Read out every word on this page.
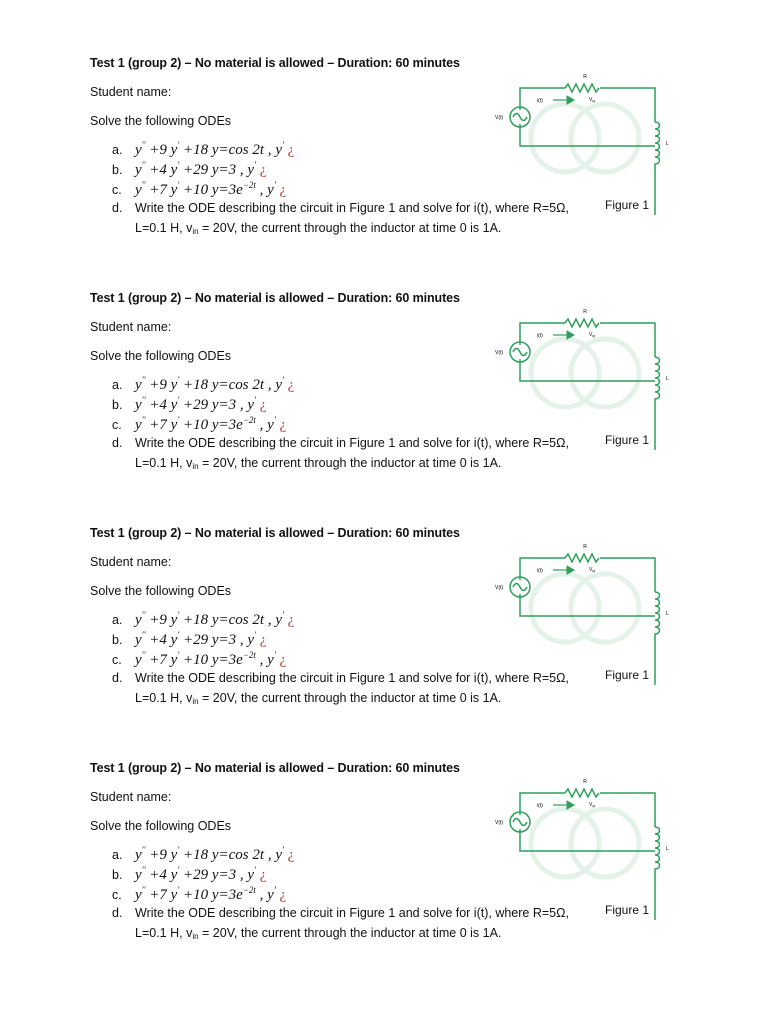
Test 1 (group 2) – No material is allowed – Duration: 60 minutes
Student name:
Solve the following ODEs
a. y'' +9 y' +18 y=cos 2t , y' ¿
b. y'' +4 y' +29 y=3 , y' ¿
c. y'' +7 y' +10 $y=3e^{-2t}$ , y' ¿
d. Write the ODE describing the circuit in Figure 1 and solve for i(t), where R=5Ω,
L=0.1 H, $v_{in} = 20V$, the current through the inductor at time 0 is 1A.
R
$V_R$
i(t)
V(t)
L
Figure 1
Test 1 (group 2) – No material is allowed – Duration: 60 minutes
Student name:
Solve the following ODEs
a. y'' +9 y' +18 y=cos 2t , y' ¿
b. y'' +4 y' +29 y=3 , y' ¿
c. y'' +7 y' +10 $y=3e^{-2t}$ , y' ¿
d. Write the ODE describing the circuit in Figure 1 and solve for i(t), where R=5Ω,
L=0.1 H, $v_{in} = 20V$, the current through the inductor at time 0 is 1A.
R
$V_R$
i(t)
V(t)
L
Figure 1
Test 1 (group 2) – No material is allowed – Duration: 60 minutes
Student name:
Solve the following ODEs
a. y'' +9 y' +18 y=cos 2t , y' ¿
b. y'' +4 y' +29 y=3 , y' ¿
c. y'' +7 y' +10 $y=3e^{-2t}$ , y' ¿
d. Write the ODE describing the circuit in Figure 1 and solve for i(t), where R=5Ω,
L=0.1 H, $v_{in} = 20V$, the current through the inductor at time 0 is 1A.
R
$V_R$
i(t)
V(t)
L
Figure 1
Test 1 (group 2) – No material is allowed – Duration: 60 minutes
Student name:
Solve the following ODEs
a. y'' +9 y' +18 y=cos 2t , y' ¿
b. y'' +4 y' +29 y=3 , y' ¿
c. y'' +7 y' +10 $y=3e^{-2t}$ , y' ¿
d. Write the ODE describing the circuit in Figure 1 and solve for i(t), where R=5Ω,
L=0.1 H, $v_{in} = 20V$, the current through the inductor at time 0 is 1A.
R
$V_R$
i(t)
V(t)
L
Figure 1
